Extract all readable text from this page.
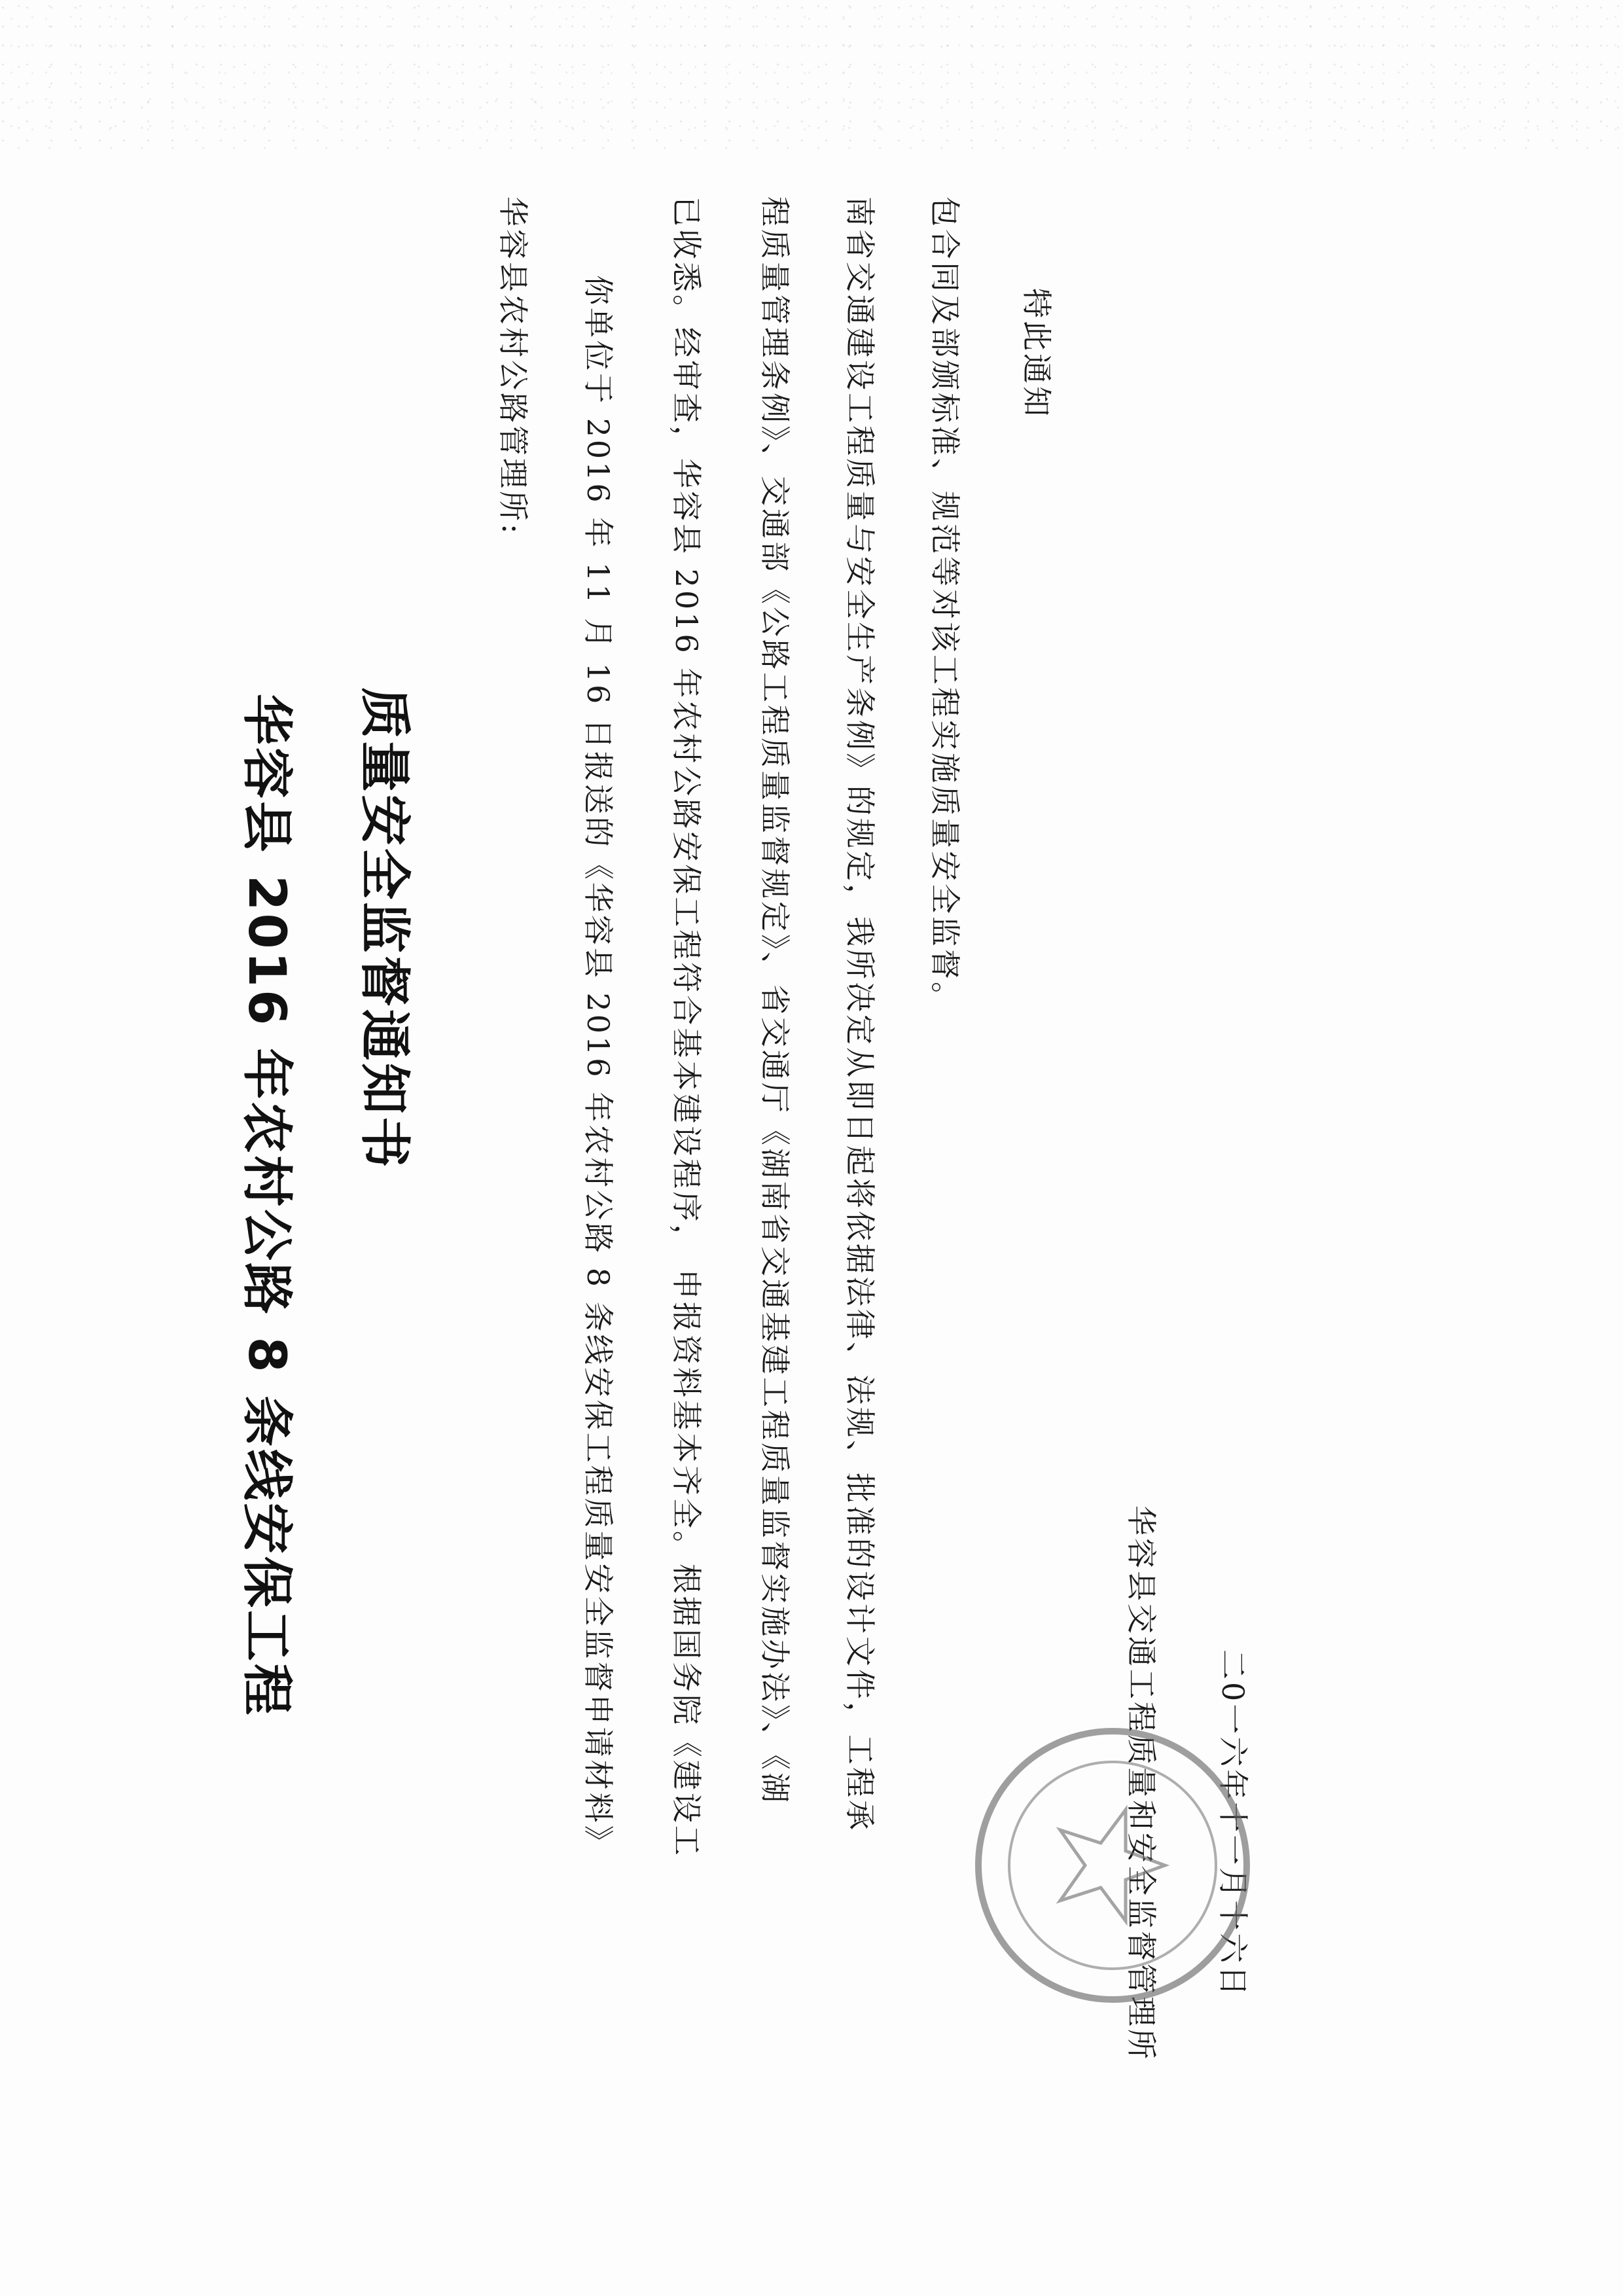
华容县 2016 年农村公路 8 条线安保工程 质量安全监督通知书
华容县农村公路管理所: 你单位于 2016 年 11 月 16 日报送的《华容县 2016 年农村公路 8 条线安保工程质量安全监督申请材料》 已收悉。经审查，华容县 2016 年农村公路安保工程符合基本建设程序， 申报资料基本齐全。根据国务院《建设工 程质量管理条例》、交通部《公路工程质量监督规定》、省交通厅《湖南省交通基建工程质量监督实施办法》、《湖 南省交通建设工程质量与安全生产条例》的规定，我所决定从即日起将依据法律、法规、批准的设计文件，工程承 包合同及部颁标准、规范等对该工程实施质量安全监督。 特此通知
华容县交通工程质量和安全监督管理所 二0一六年十一月十六日
